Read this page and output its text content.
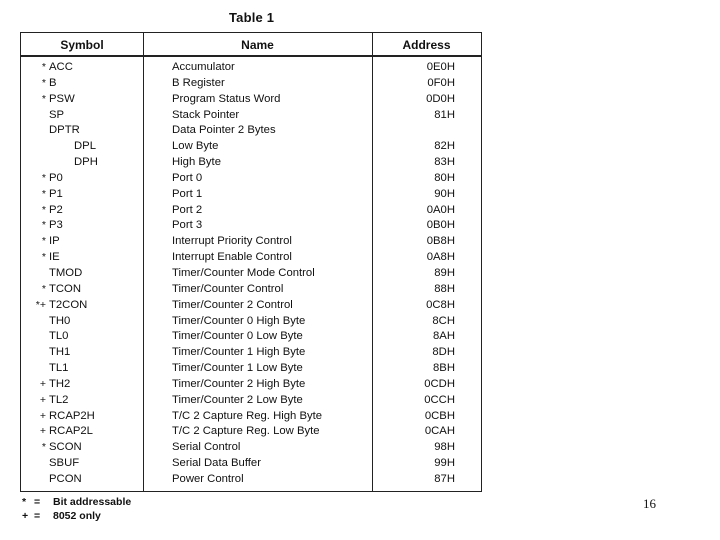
Table 1
Symbol	Name	Address
* ACC	Accumulator	0E0H
* B	B Register	0F0H
* PSW	Program Status Word	0D0H
SP	Stack Pointer	81H
DPTR	Data Pointer 2 Bytes
DPL	Low Byte	82H
DPH	High Byte	83H
* P0	Port 0	80H
* P1	Port 1	90H
* P2	Port 2	0A0H
* P3	Port 3	0B0H
* IP	Interrupt Priority Control	0B8H
* IE	Interrupt Enable Control	0A8H
TMOD	Timer/Counter Mode Control	89H
* TCON	Timer/Counter Control	88H
*+ T2CON	Timer/Counter 2 Control	0C8H
TH0	Timer/Counter 0 High Byte	8CH
TL0	Timer/Counter 0 Low Byte	8AH
TH1	Timer/Counter 1 High Byte	8DH
TL1	Timer/Counter 1 Low Byte	8BH
+ TH2	Timer/Counter 2 High Byte	0CDH
+ TL2	Timer/Counter 2 Low Byte	0CCH
+ RCAP2H	T/C 2 Capture Reg. High Byte	0CBH
+ RCAP2L	T/C 2 Capture Reg. Low Byte	0CAH
* SCON	Serial Control	98H
SBUF	Serial Data Buffer	99H
PCON	Power Control	87H
* =	Bit addressable
+ =	8052 only
16
